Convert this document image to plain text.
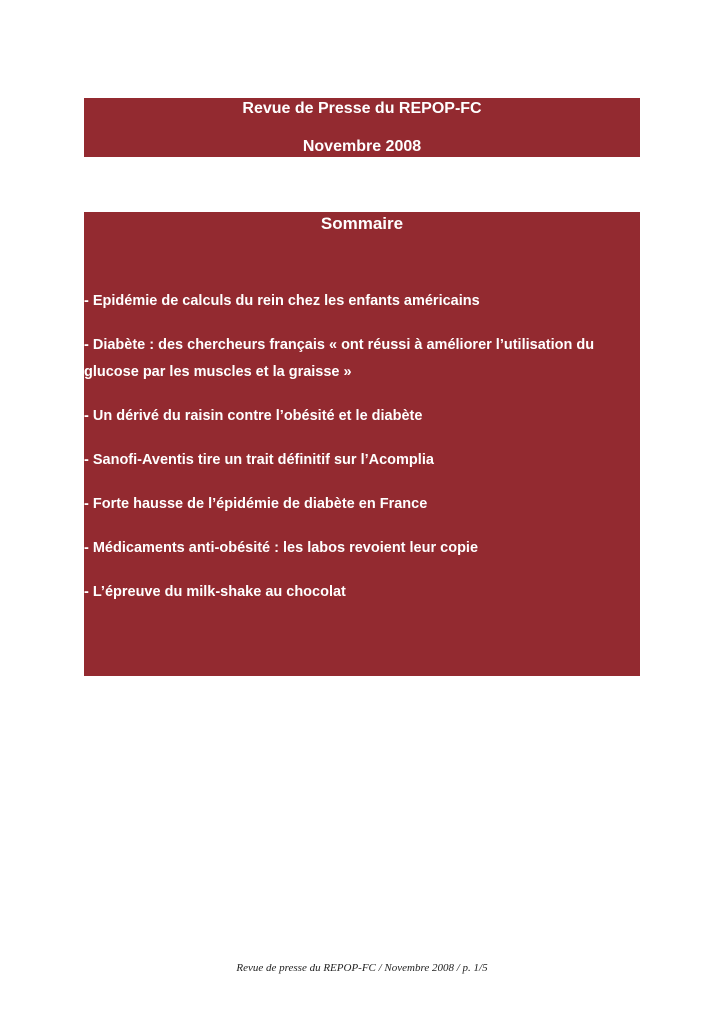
Revue de Presse du REPOP-FC
Novembre 2008
Sommaire
- Epidémie de calculs du rein chez les enfants américains
- Diabète : des chercheurs français « ont réussi à améliorer l’utilisation du glucose par les muscles et la graisse »
- Un dérivé du raisin contre l’obésité et le diabète
- Sanofi-Aventis tire un trait définitif sur l’Acomplia
- Forte hausse de l’épidémie de diabète en France
- Médicaments anti-obésité : les labos revoient leur copie
- L’épreuve du milk-shake au chocolat
Revue de presse du REPOP-FC / Novembre 2008 / p. 1/5
